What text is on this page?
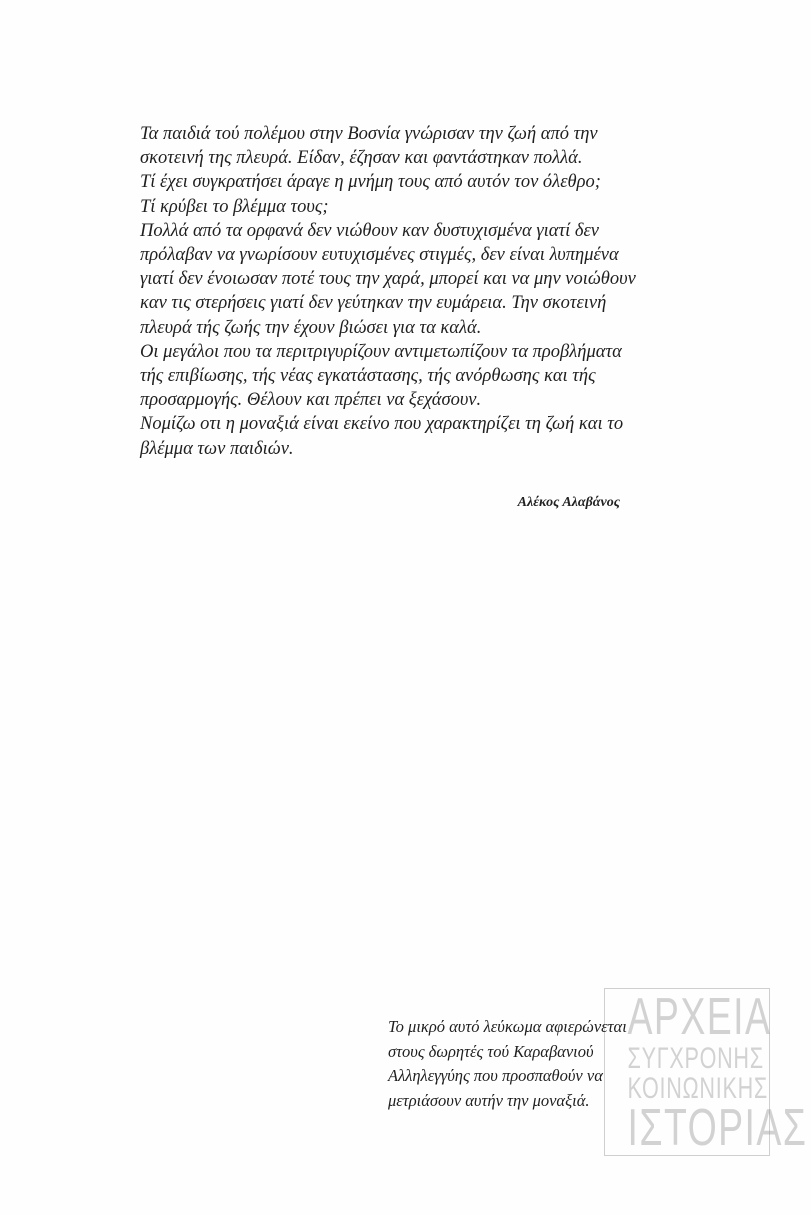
Τα παιδιά τού πολέμου στην Βοσνία γνώρισαν την ζωή από την
σκοτεινή της πλευρά. Είδαν, έζησαν και φαντάστηκαν πολλά.
Τί έχει συγκρατήσει άραγε η μνήμη τους από αυτόν τον όλεθρο;
Τί κρύβει το βλέμμα τους;
Πολλά από τα ορφανά δεν νιώθουν καν δυστυχισμένα γιατί δεν
πρόλαβαν να γνωρίσουν ευτυχισμένες στιγμές, δεν είναι λυπημένα
γιατί δεν ένοιωσαν ποτέ τους την χαρά, μπορεί και να μην νοιώθουν
καν τις στερήσεις γιατί δεν γεύτηκαν την ευμάρεια. Την σκοτεινή
πλευρά τής ζωής την έχουν βιώσει για τα καλά.
Οι μεγάλοι που τα περιτριγυρίζουν αντιμετωπίζουν τα προβλήματα
τής επιβίωσης, τής νέας εγκατάστασης, τής ανόρθωσης και τής
προσαρμογής. Θέλουν και πρέπει να ξεχάσουν.
Νομίζω οτι η μοναξιά είναι εκείνο που χαρακτηρίζει τη ζωή και το
βλέμμα των παιδιών.
Αλέκος Αλαβάνος
ΑΡΧΕΙΑ
ΣΥΓΧΡΟΝΗΣ
ΚΟΙΝΩΝΙΚΗΣ
ΙΣΤΟΡΙΑΣ
Το μικρό αυτό λεύκωμα αφιερώνεται
στους δωρητές τού Καραβανιού
Αλληλεγγύης που προσπαθούν να
μετριάσουν αυτήν την μοναξιά.
